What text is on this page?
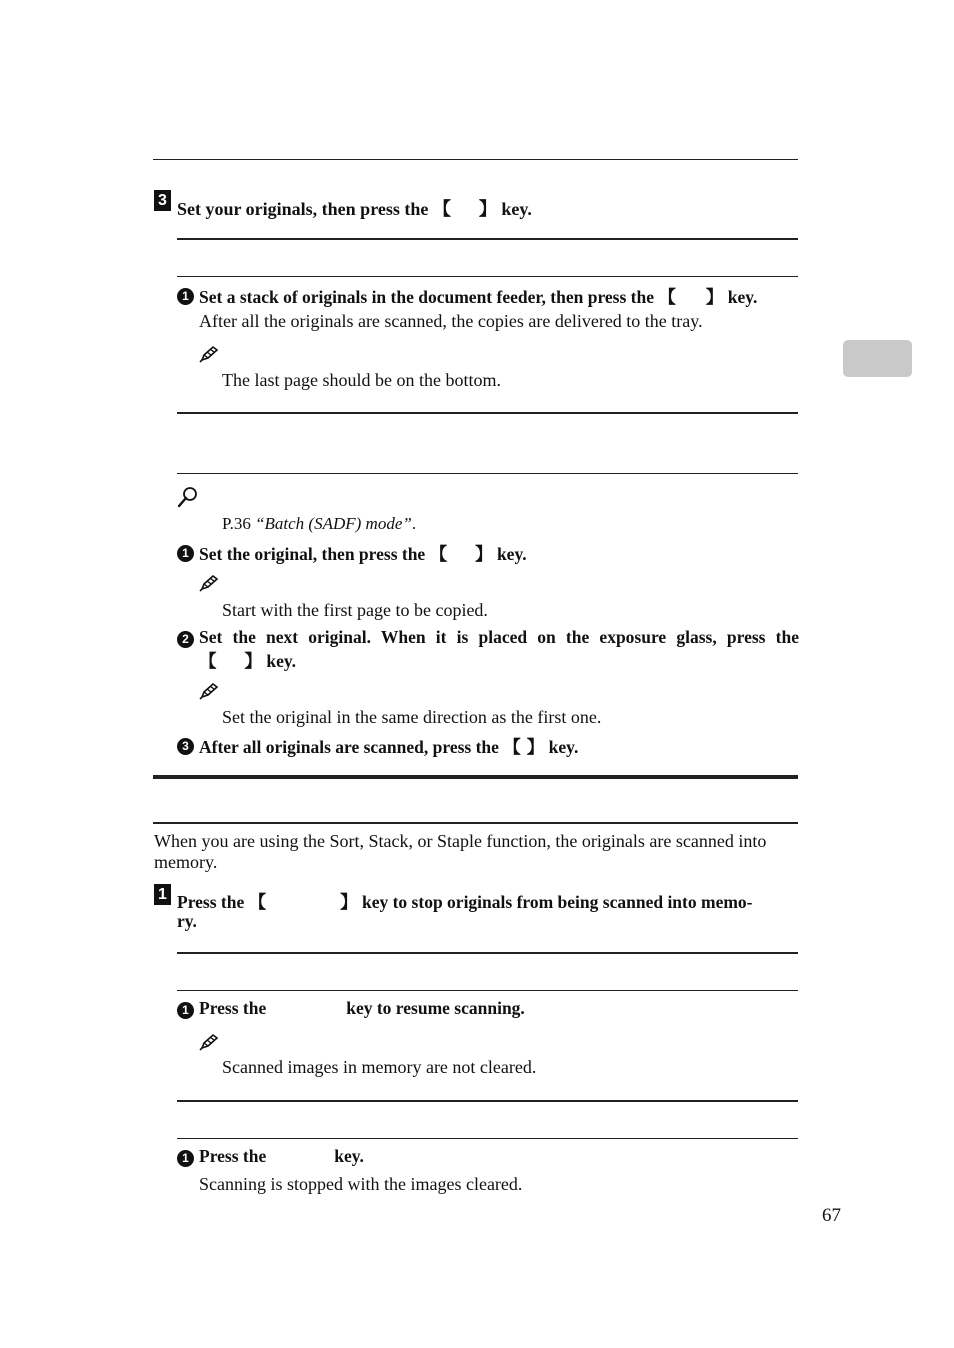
3 Set your originals, then press the 【 】 key.
1 Set a stack of originals in the document feeder, then press the 【 】 key.
After all the originals are scanned, the copies are delivered to the tray.
The last page should be on the bottom.
P.36 “Batch (SADF) mode”.
1 Set the original, then press the 【 】 key.
Start with the first page to be copied.
2 Set the next original. When it is placed on the exposure glass, press the
【 】 key.
Set the original in the same direction as the first one.
3 After all originals are scanned, press the 【 】 key.
When you are using the Sort, Stack, or Staple function, the originals are scanned into memory.
1 Press the 【	】 key to stop originals from being scanned into memo-
ry.
1 Press the	key to resume scanning.
Scanned images in memory are not cleared.
1 Press the	key.
Scanning is stopped with the images cleared.
67
